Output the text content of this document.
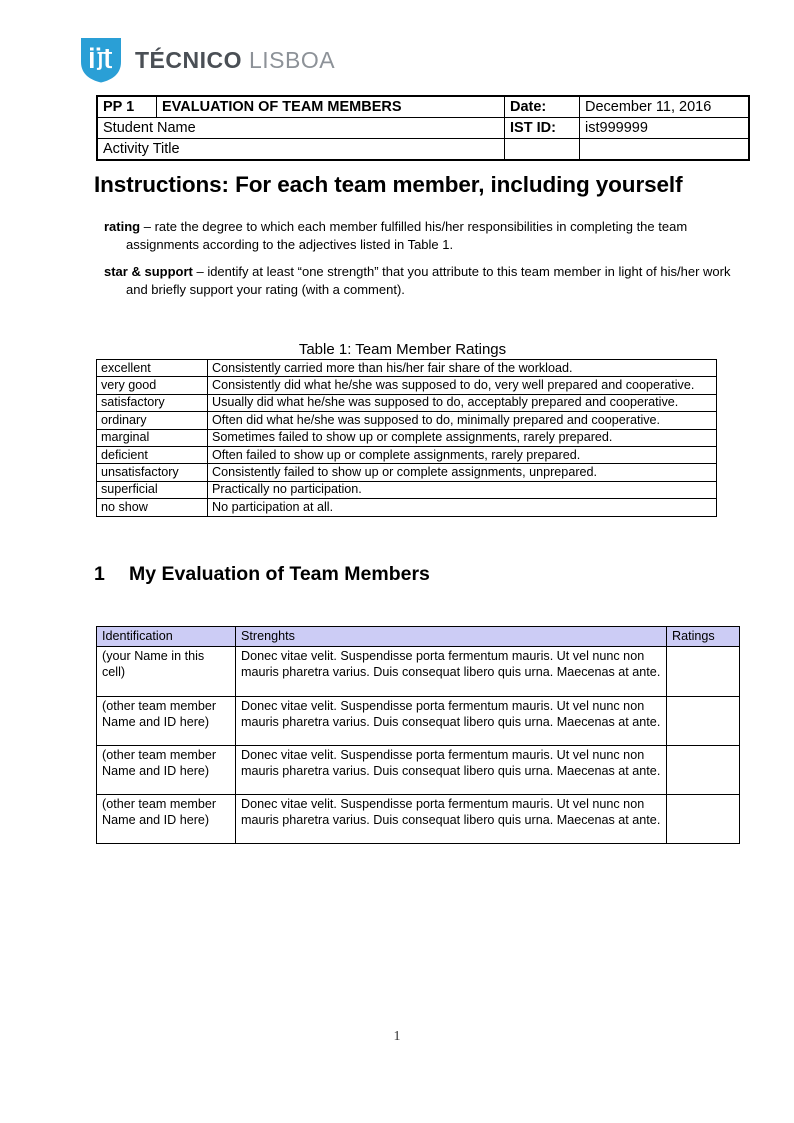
TÉCNICO LISBOA
PP 1	EVALUATION OF TEAM MEMBERS	Date:	December 11, 2016
Student Name		IST ID:	ist999999
Activity Title			
Instructions: For each team member, including yourself
rating – rate the degree to which each member fulfilled his/her responsibilities in completing the team assignments according to the adjectives listed in Table 1.
star & support – identify at least “one strength” that you attribute to this team member in light of his/her work and briefly support your rating (with a comment).
Table 1: Team Member Ratings
excellent	Consistently carried more than his/her fair share of the workload.
very good	Consistently did what he/she was supposed to do, very well prepared and cooperative.
satisfactory	Usually did what he/she was supposed to do, acceptably prepared and cooperative.
ordinary	Often did what he/she was supposed to do, minimally prepared and cooperative.
marginal	Sometimes failed to show up or complete assignments, rarely prepared.
deficient	Often failed to show up or complete assignments, rarely prepared.
unsatisfactory	Consistently failed to show up or complete assignments, unprepared.
superficial	Practically no participation.
no show	No participation at all.
1 My Evaluation of Team Members
Identification	Strenghts	Ratings
(your Name in this cell)	Donec vitae velit. Suspendisse porta fermentum mauris. Ut vel nunc non mauris pharetra varius. Duis consequat libero quis urna. Maecenas at ante.	
(other team member Name and ID here)	Donec vitae velit. Suspendisse porta fermentum mauris. Ut vel nunc non mauris pharetra varius. Duis consequat libero quis urna. Maecenas at ante.	
(other team member Name and ID here)	Donec vitae velit. Suspendisse porta fermentum mauris. Ut vel nunc non mauris pharetra varius. Duis consequat libero quis urna. Maecenas at ante.	
(other team member Name and ID here)	Donec vitae velit. Suspendisse porta fermentum mauris. Ut vel nunc non mauris pharetra varius. Duis consequat libero quis urna. Maecenas at ante.	
1
